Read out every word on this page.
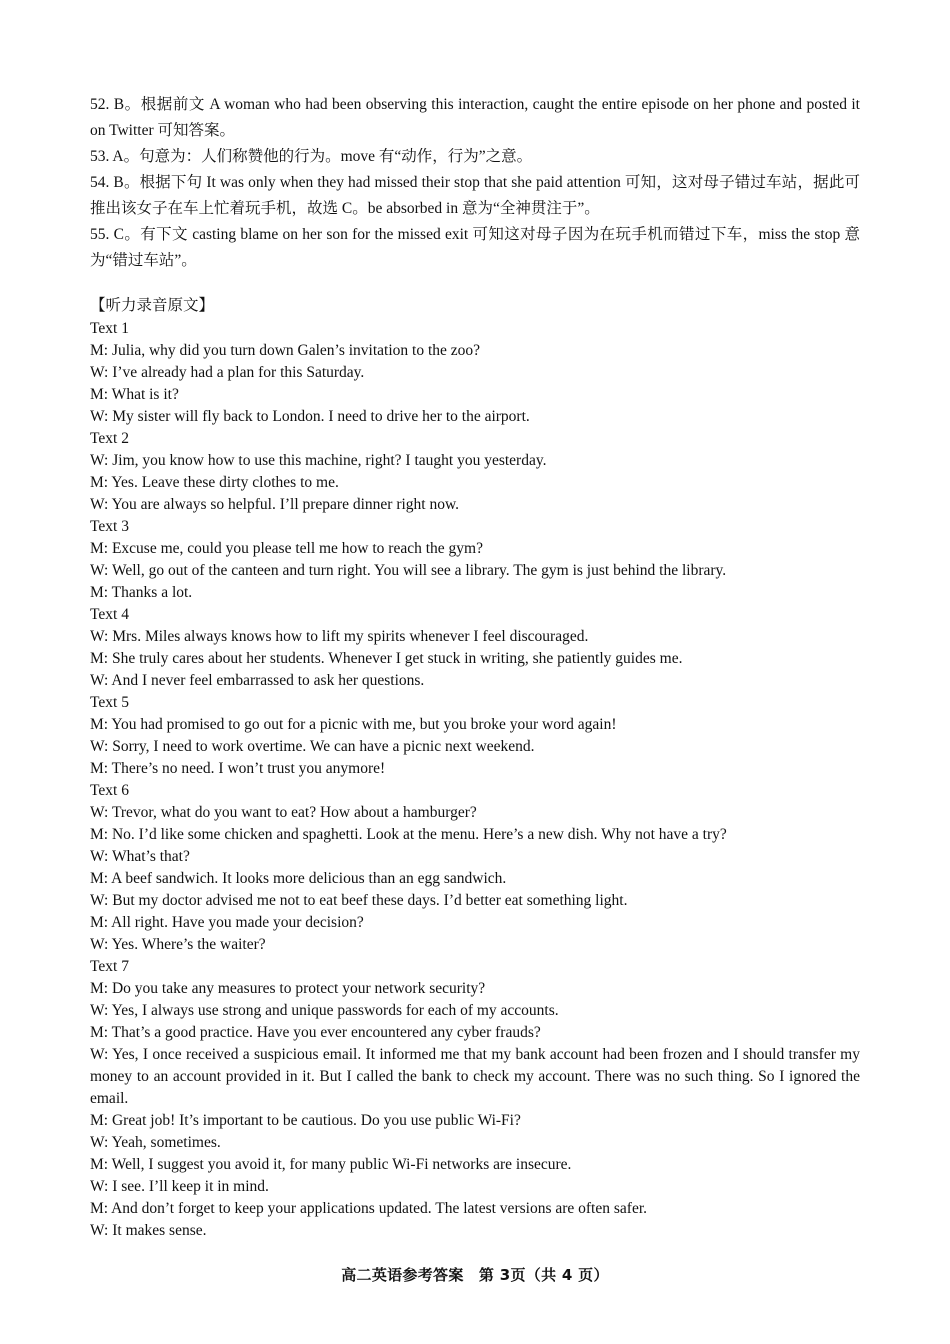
52. B。根据前文 A woman who had been observing this interaction, caught the entire episode on her phone and posted it on Twitter 可知答案。

53. A。句意为：人们称赞他的行为。move 有“动作，行为”之意。

54. B。根据下句 It was only when they had missed their stop that she paid attention 可知，这对母子错过车站，据此可推出该女子在车上忙着玩手机，故选 C。be absorbed in 意为“全神贯注于”。

55. C。有下文 casting blame on her son for the missed exit 可知这对母子因为在玩手机而错过下车，miss the stop 意为“错过车站”。

【听力录音原文】

Text 1

M: Julia, why did you turn down Galen’s invitation to the zoo?

W: I’ve already had a plan for this Saturday.

M: What is it?

W: My sister will fly back to London. I need to drive her to the airport.

Text 2

W: Jim, you know how to use this machine, right? I taught you yesterday.

M: Yes. Leave these dirty clothes to me.

W: You are always so helpful. I’ll prepare dinner right now.

Text 3

M: Excuse me, could you please tell me how to reach the gym?

W: Well, go out of the canteen and turn right. You will see a library. The gym is just behind the library.

M: Thanks a lot.

Text 4

W: Mrs. Miles always knows how to lift my spirits whenever I feel discouraged.

M: She truly cares about her students. Whenever I get stuck in writing, she patiently guides me.

W: And I never feel embarrassed to ask her questions.

Text 5

M: You had promised to go out for a picnic with me, but you broke your word again!

W: Sorry, I need to work overtime. We can have a picnic next weekend.

M: There’s no need. I won’t trust you anymore!

Text 6

W: Trevor, what do you want to eat? How about a hamburger?

M: No. I’d like some chicken and spaghetti. Look at the menu. Here’s a new dish. Why not have a try?

W: What’s that?

M: A beef sandwich. It looks more delicious than an egg sandwich.

W: But my doctor advised me not to eat beef these days. I’d better eat something light.

M: All right. Have you made your decision?

W: Yes. Where’s the waiter?

Text 7

M: Do you take any measures to protect your network security?

W: Yes, I always use strong and unique passwords for each of my accounts.

M: That’s a good practice. Have you ever encountered any cyber frauds?

W: Yes, I once received a suspicious email. It informed me that my bank account had been frozen and I should transfer my money to an account provided in it. But I called the bank to check my account. There was no such thing. So I ignored the email.

M: Great job! It’s important to be cautious. Do you use public Wi-Fi?

W: Yeah, sometimes.

M: Well, I suggest you avoid it, for many public Wi-Fi networks are insecure.

W: I see. I’ll keep it in mind.

M: And don’t forget to keep your applications updated. The latest versions are often safer.

W: It makes sense.

高二英语参考答案　第 3页（共 4 页）
